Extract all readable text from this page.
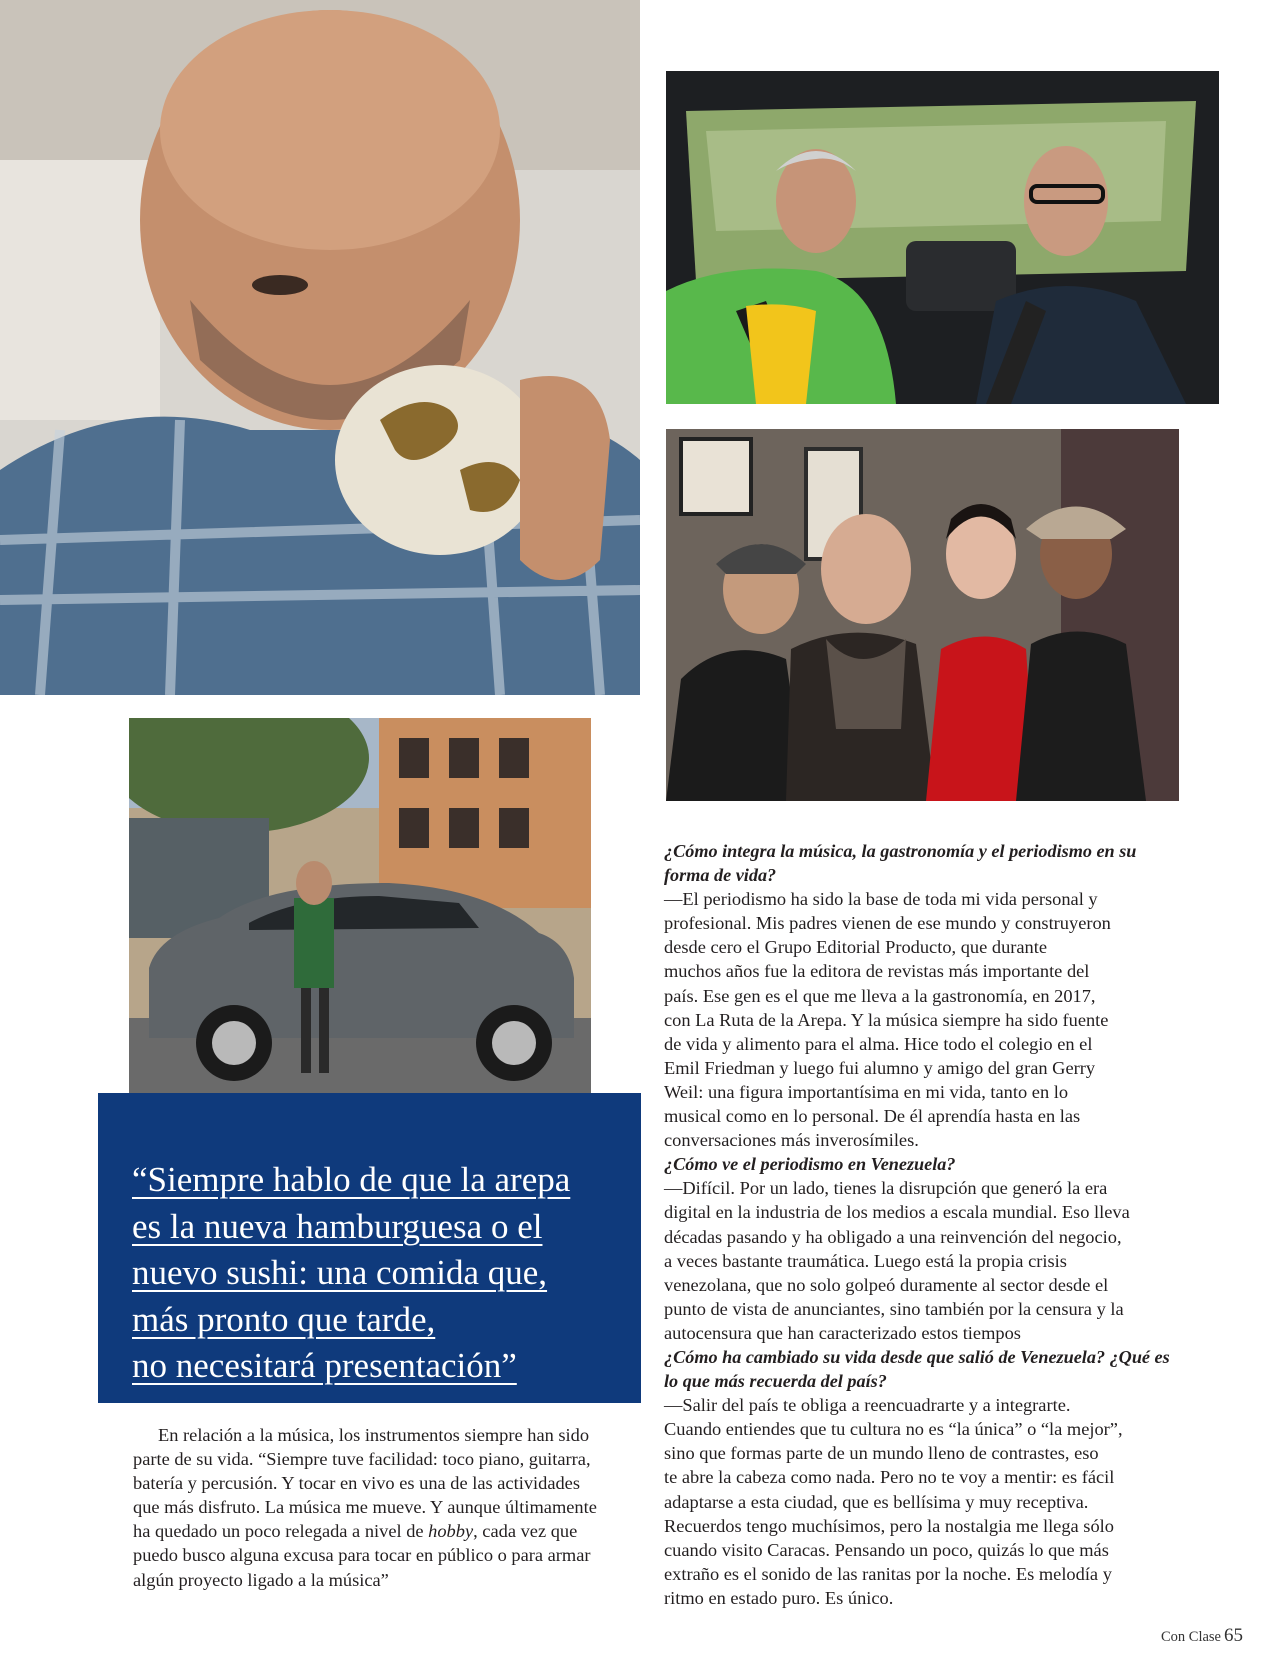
“Siempre hablo de que la arepa
es la nueva hamburguesa o el
nuevo sushi: una comida que,
más pronto que tarde,
no necesitará presentación”

En relación a la música, los instrumentos siempre han sido
parte de su vida. “Siempre tuve facilidad: toco piano, guitarra,
batería y percusión. Y tocar en vivo es una de las actividades
que más disfruto. La música me mueve. Y aunque últimamente
ha quedado un poco relegada a nivel de hobby, cada vez que
puedo busco alguna excusa para tocar en público o para armar
algún proyecto ligado a la música”

¿Cómo integra la música, la gastronomía y el periodismo en su
forma de vida?

—El periodismo ha sido la base de toda mi vida personal y
profesional. Mis padres vienen de ese mundo y construyeron
desde cero el Grupo Editorial Producto, que durante
muchos años fue la editora de revistas más importante del
país. Ese gen es el que me lleva a la gastronomía, en 2017,
con La Ruta de la Arepa. Y la música siempre ha sido fuente
de vida y alimento para el alma. Hice todo el colegio en el
Emil Friedman y luego fui alumno y amigo del gran Gerry
Weil: una figura importantísima en mi vida, tanto en lo
musical como en lo personal. De él aprendía hasta en las
conversaciones más inverosímiles.

¿Cómo ve el periodismo en Venezuela?

—Difícil. Por un lado, tienes la disrupción que generó la era
digital en la industria de los medios a escala mundial. Eso lleva
décadas pasando y ha obligado a una reinvención del negocio,
a veces bastante traumática. Luego está la propia crisis
venezolana, que no solo golpeó duramente al sector desde el
punto de vista de anunciantes, sino también por la censura y la
autocensura que han caracterizado estos tiempos

¿Cómo ha cambiado su vida desde que salió de Venezuela? ¿Qué es
lo que más recuerda del país?

—Salir del país te obliga a reencuadrarte y a integrarte.
Cuando entiendes que tu cultura no es “la única” o “la mejor”,
sino que formas parte de un mundo lleno de contrastes, eso
te abre la cabeza como nada. Pero no te voy a mentir: es fácil
adaptarse a esta ciudad, que es bellísima y muy receptiva.
Recuerdos tengo muchísimos, pero la nostalgia me llega sólo
cuando visito Caracas. Pensando un poco, quizás lo que más
extraño es el sonido de las ranitas por la noche. Es melodía y
ritmo en estado puro. Es único.

Con Clase 65
